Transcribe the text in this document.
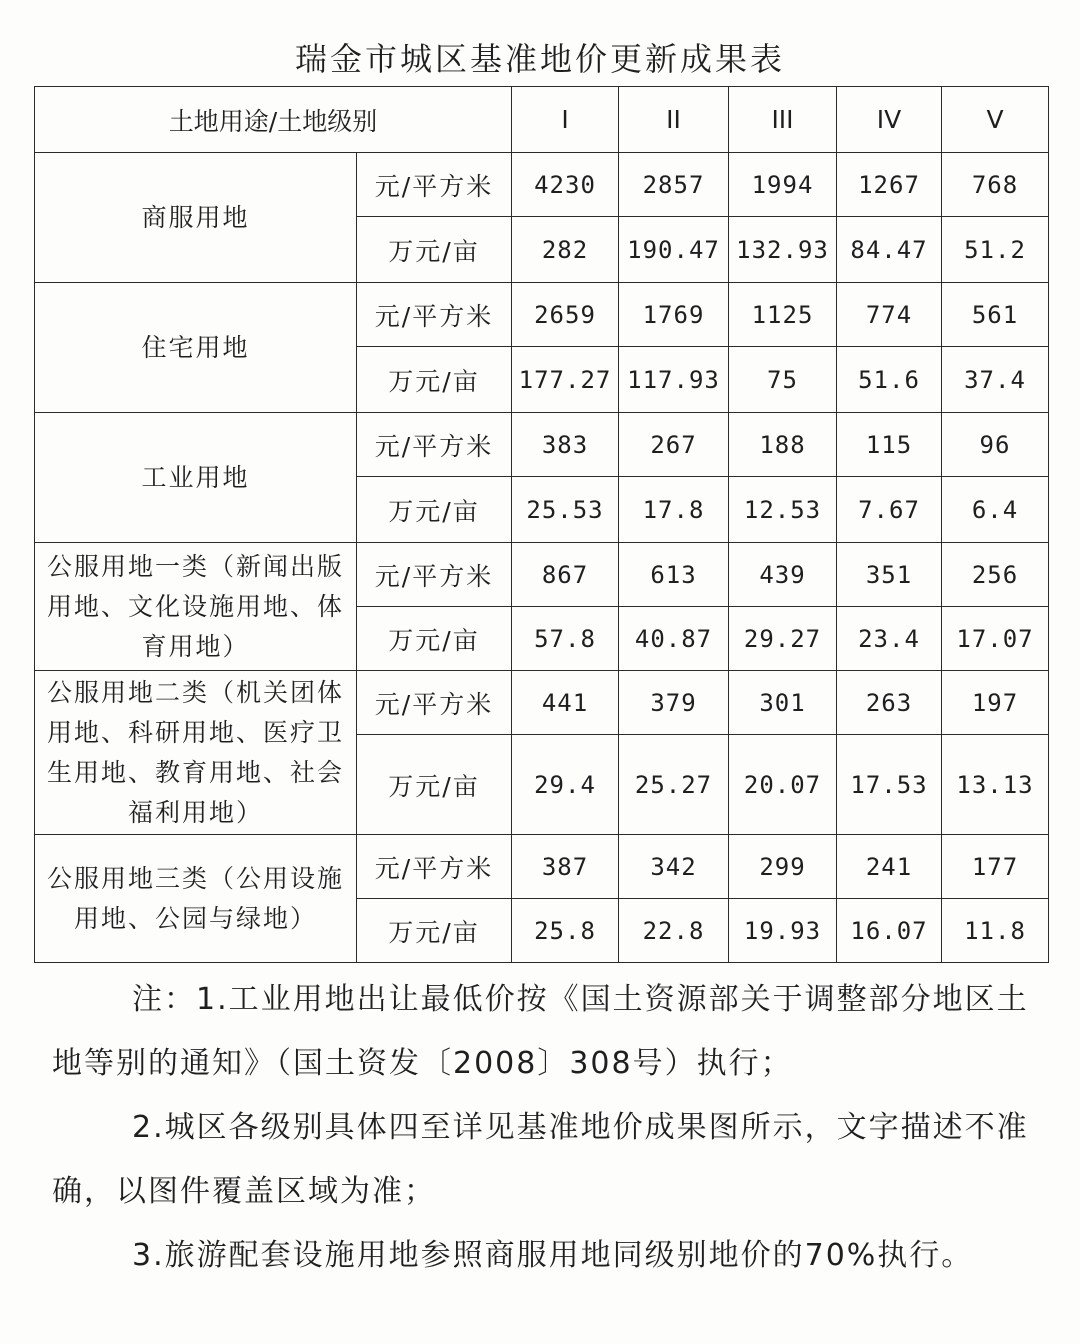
瑞金市城区基准地价更新成果表
土地用途/土地级别		I	II	III	IV	V
商服用地	元/平方米	4230	2857	1994	1267	768
	万元/亩	282	190.47	132.93	84.47	51.2
住宅用地	元/平方米	2659	1769	1125	774	561
	万元/亩	177.27	117.93	75	51.6	37.4
工业用地	元/平方米	383	267	188	115	96
	万元/亩	25.53	17.8	12.53	7.67	6.4
公服用地一类（新闻出版用地、文化设施用地、体育用地）	元/平方米	867	613	439	351	256
	万元/亩	57.8	40.87	29.27	23.4	17.07
公服用地二类（机关团体用地、科研用地、医疗卫生用地、教育用地、社会福利用地）	元/平方米	441	379	301	263	197
	万元/亩	29.4	25.27	20.07	17.53	13.13
公服用地三类（公用设施用地、公园与绿地）	元/平方米	387	342	299	241	177
	万元/亩	25.8	22.8	19.93	16.07	11.8

注：1.工业用地出让最低价按《国土资源部关于调整部分地区土地等别的通知》（国土资发〔2008〕308号）执行；

2.城区各级别具体四至详见基准地价成果图所示，文字描述不准确，以图件覆盖区域为准；

3.旅游配套设施用地参照商服用地同级别地价的70%执行。
